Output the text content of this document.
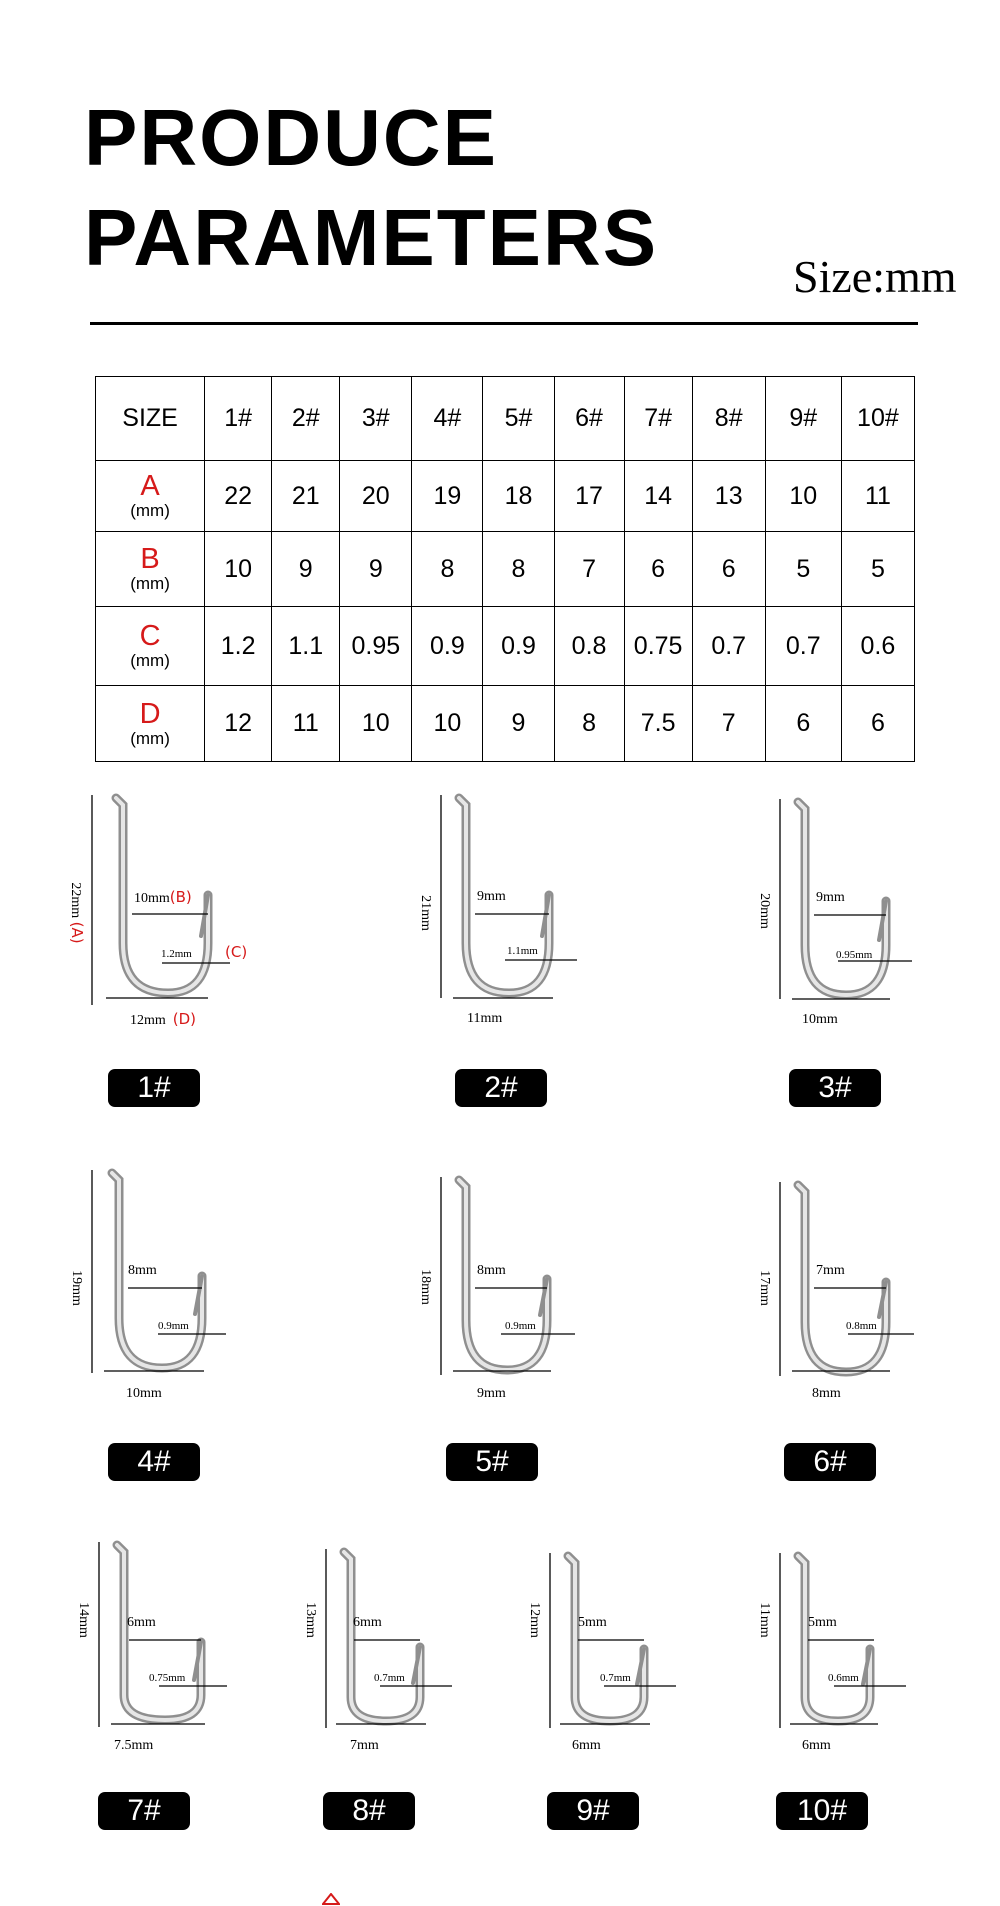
PRODUCE
PARAMETERS	Size:mm
SIZE	1#	2#	3#	4#	5#	6#	7#	8#	9#	10#

A
(mm)	22	21	20	19	18	17	14	13	10	11

B
(mm)	10	9	9	8	8	7	6	6	5	5

C
(mm)	1.2	1.1	0.95	0.9	0.9	0.8	0.75	0.7	0.7	0.6

D
(mm)	12	11	10	10	9	8	7.5	7	6	6
22mm (A)
10mm(B)
1.2mm (C)
12mm (D)
1#
21mm	9mm
1.1mm
11mm
2#
20mm	9mm
0.95mm
10mm
3#
19mm	8mm
0.9mm
10mm
4#
18mm	8mm
0.9mm
9mm
5#
17mm	7mm
0.8mm
8mm
6#
14mm	6mm
0.75mm
7.5mm
7#
13mm	6mm
0.7mm
7mm
8#
12mm	5mm
0.7mm
6mm
9#
11mm	5mm
0.6mm
6mm
10#
